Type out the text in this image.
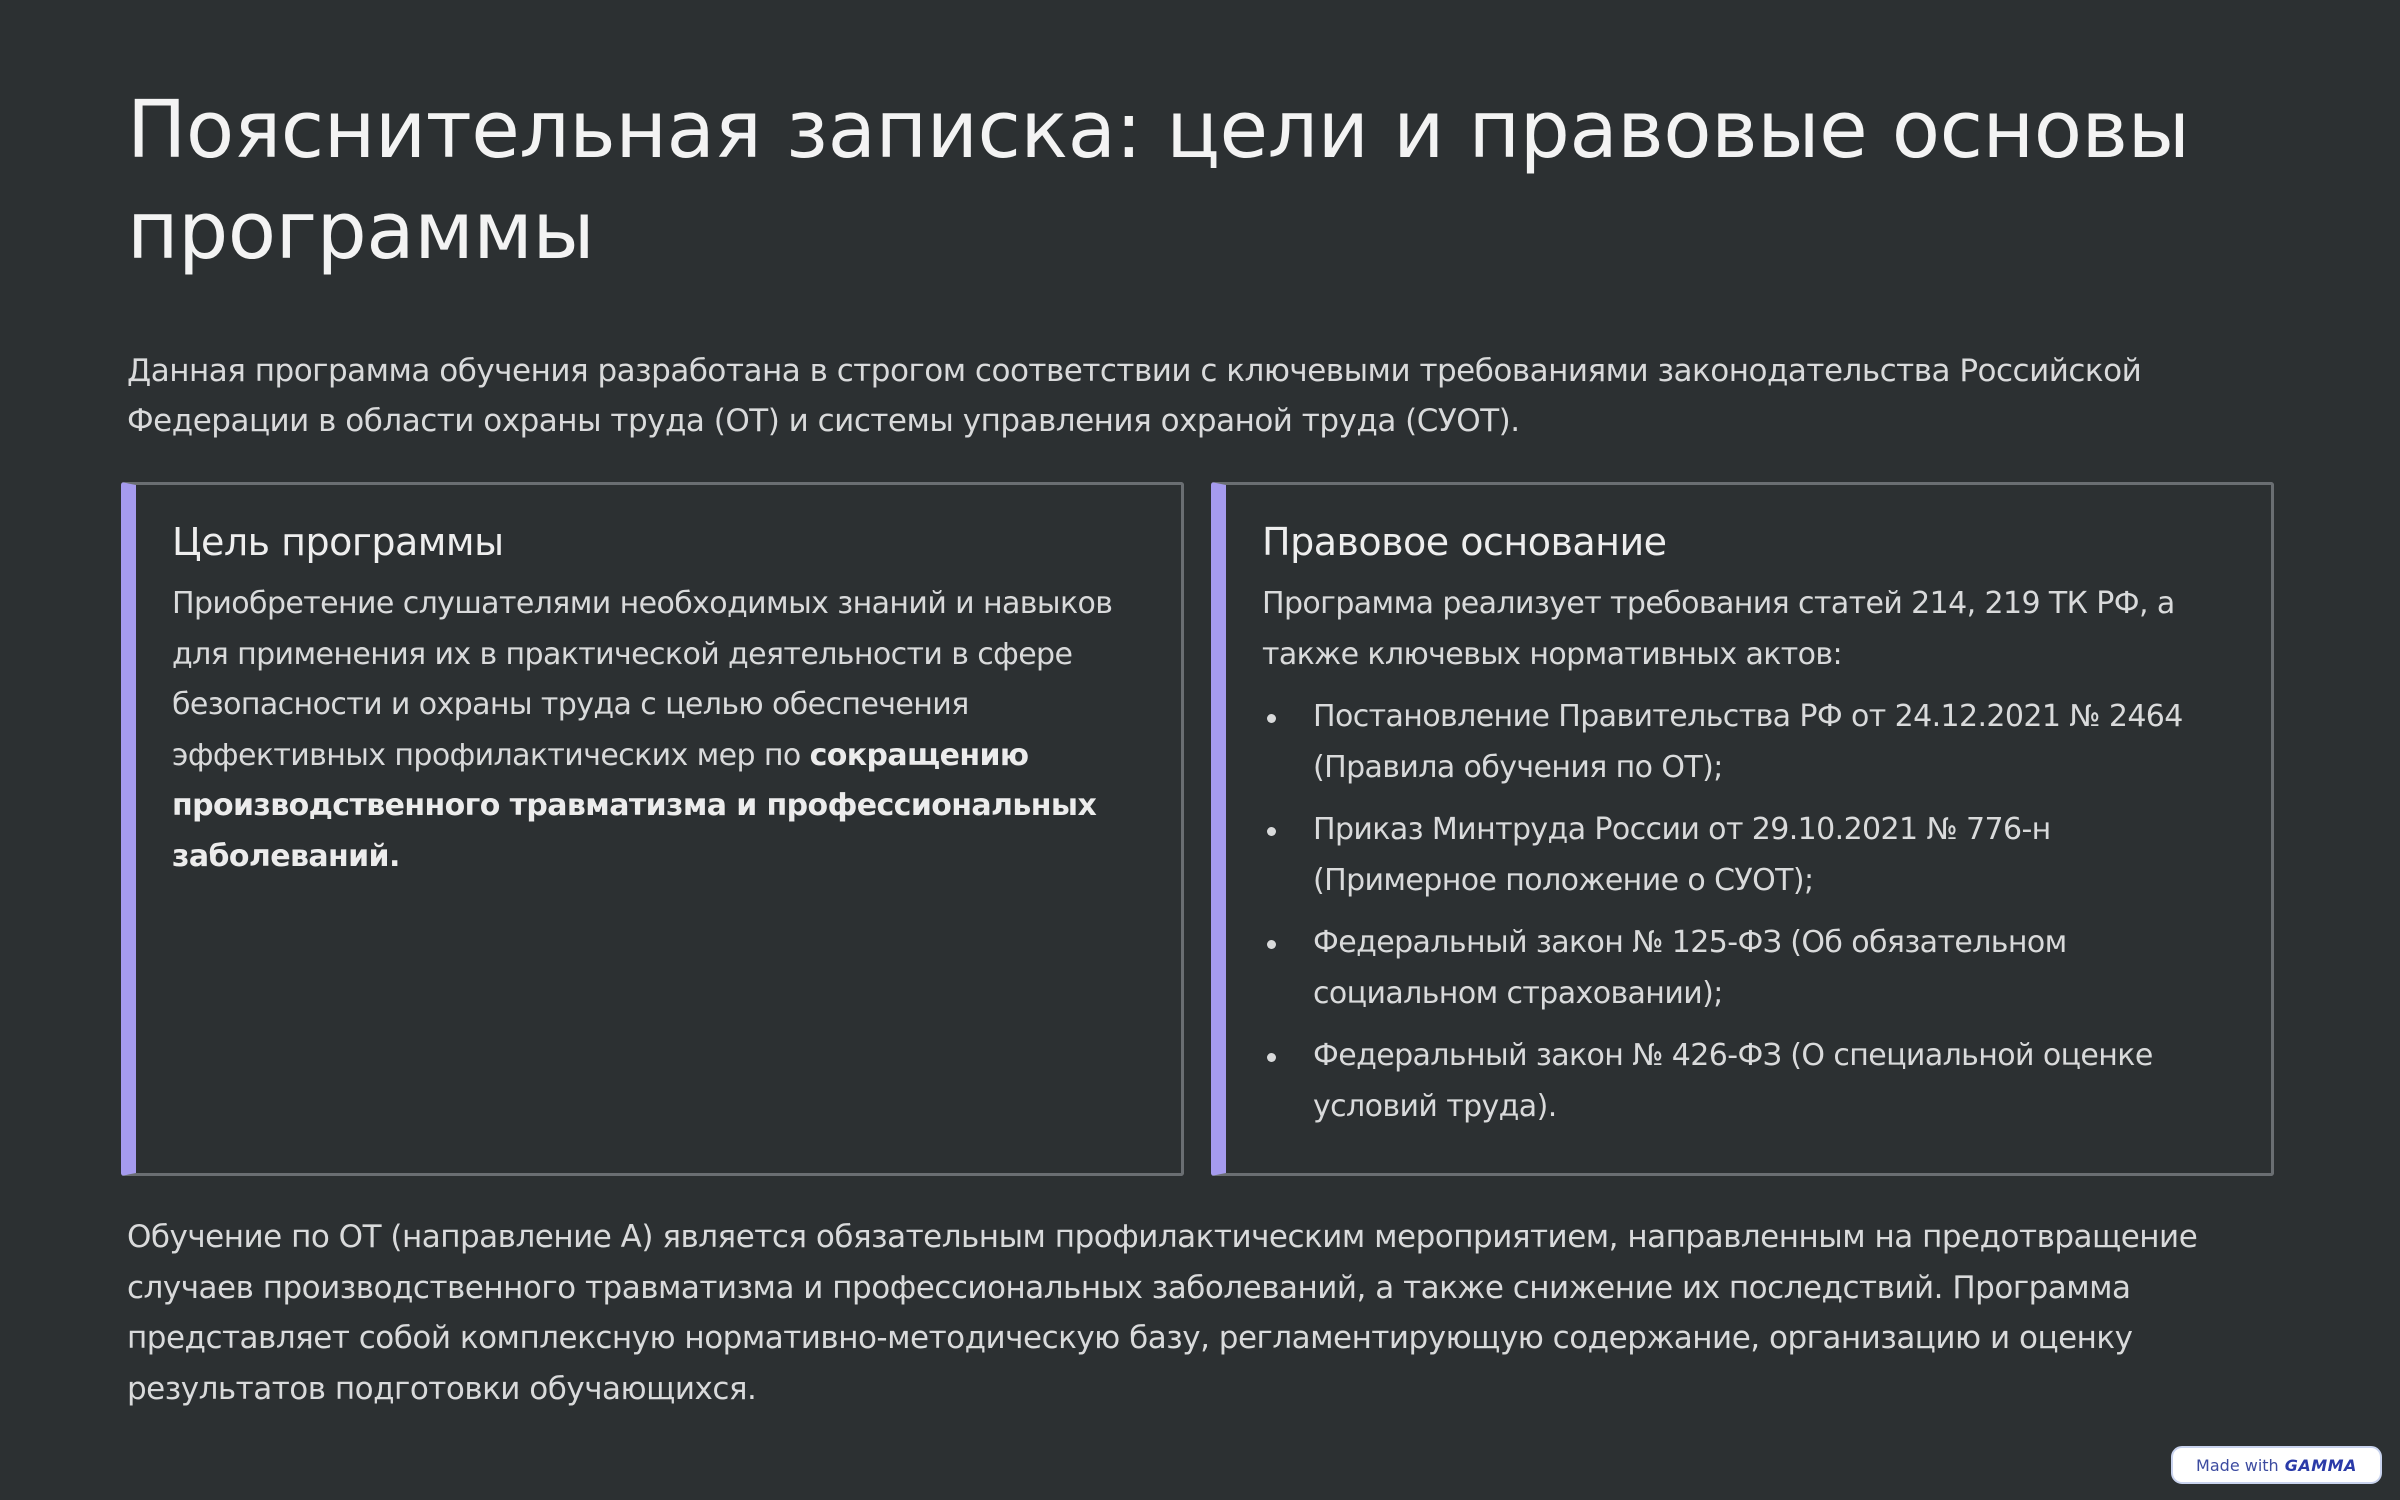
Пояснительная записка: цели и правовые основы программы

Данная программа обучения разработана в строгом соответствии с ключевыми требованиями законодательства Российской Федерации в области охраны труда (ОТ) и системы управления охраной труда (СУОТ).

Цель программы

Приобретение слушателями необходимых знаний и навыков для применения их в практической деятельности в сфере безопасности и охраны труда с целью обеспечения эффективных профилактических мер по сокращению производственного травматизма и профессиональных заболеваний.

Правовое основание

Программа реализует требования статей 214, 219 ТК РФ, а также ключевых нормативных актов:

Постановление Правительства РФ от 24.12.2021 № 2464 (Правила обучения по ОТ);
Приказ Минтруда России от 29.10.2021 № 776-н (Примерное положение о СУОТ);
Федеральный закон № 125-ФЗ (Об обязательном социальном страховании);
Федеральный закон № 426-ФЗ (О специальной оценке условий труда).

Обучение по ОТ (направление А) является обязательным профилактическим мероприятием, направленным на предотвращение случаев производственного травматизма и профессиональных заболеваний, а также снижение их последствий. Программа представляет собой комплексную нормативно-методическую базу, регламентирующую содержание, организацию и оценку результатов подготовки обучающихся.

Made with GAMMA
